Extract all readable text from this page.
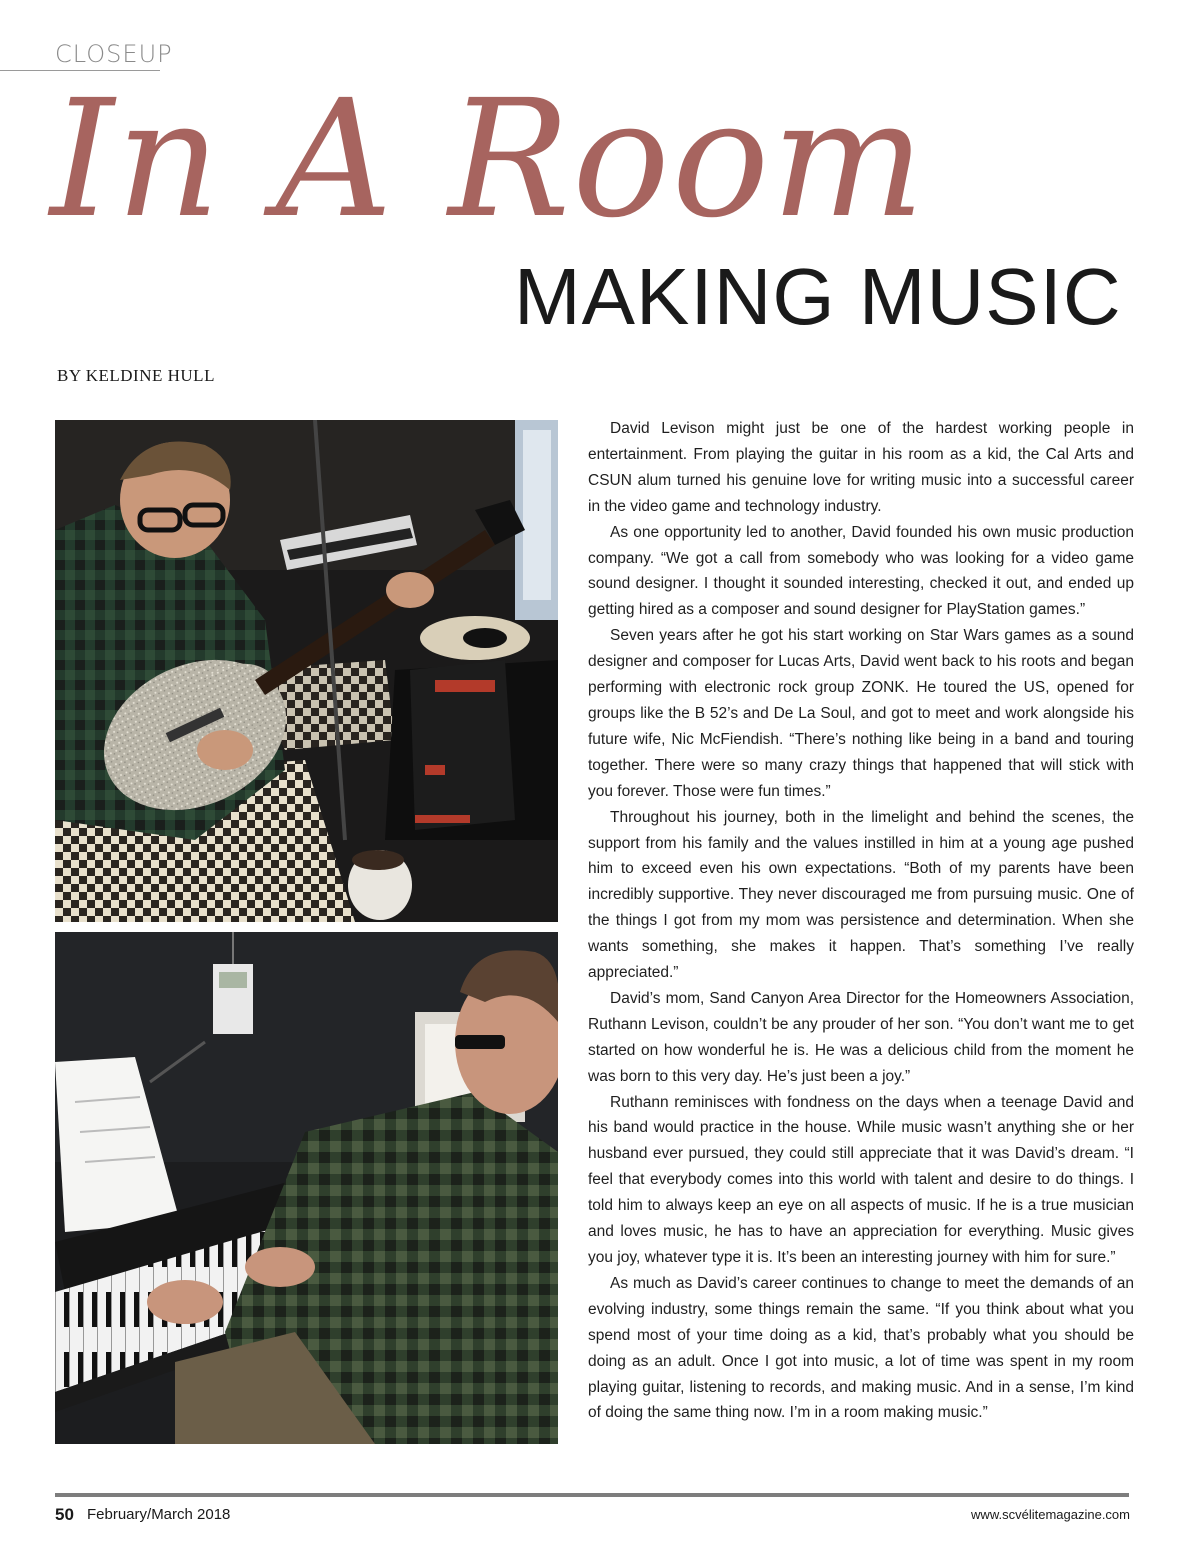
CLOSEUP
In A Room
MAKING MUSIC
BY KELDINE HULL

David Levison might just be one of the hardest working people in entertainment. From playing the guitar in his room as a kid, the Cal Arts and CSUN alum turned his genuine love for writing music into a successful career in the video game and technology industry.

As one opportunity led to another, David founded his own music production company. “We got a call from somebody who was looking for a video game sound designer. I thought it sounded interesting, checked it out, and ended up getting hired as a composer and sound designer for PlayStation games.”

Seven years after he got his start working on Star Wars games as a sound designer and composer for Lucas Arts, David went back to his roots and began performing with electronic rock group ZONK. He toured the US, opened for groups like the B 52’s and De La Soul, and got to meet and work alongside his future wife, Nic McFiendish. “There’s nothing like being in a band and touring together. There were so many crazy things that happened that will stick with you forever. Those were fun times.”

Throughout his journey, both in the limelight and behind the scenes, the support from his family and the values instilled in him at a young age pushed him to exceed even his own expectations. “Both of my parents have been incredibly supportive. They never discouraged me from pursuing music. One of the things I got from my mom was persistence and determination. When she wants something, she makes it happen. That’s something I’ve really appreciated.”

David’s mom, Sand Canyon Area Director for the Homeowners Association, Ruthann Levison, couldn’t be any prouder of her son. “You don’t want me to get started on how wonderful he is. He was a delicious child from the moment he was born to this very day. He’s just been a joy.”

Ruthann reminisces with fondness on the days when a teenage David and his band would practice in the house. While music wasn’t anything she or her husband ever pursued, they could still appreciate that it was David’s dream. “I feel that everybody comes into this world with talent and desire to do things. I told him to always keep an eye on all aspects of music. If he is a true musician and loves music, he has to have an appreciation for everything. Music gives you joy, whatever type it is. It’s been an interesting journey with him for sure.”

As much as David’s career continues to change to meet the demands of an evolving industry, some things remain the same. “If you think about what you spend most of your time doing as a kid, that’s probably what you should be doing as an adult. Once I got into music, a lot of time was spent in my room playing guitar, listening to records, and making music. And in a sense, I’m kind of doing the same thing now. I’m in a room making music.”

50 February/March 2018	www.scvélitemagazine.com
